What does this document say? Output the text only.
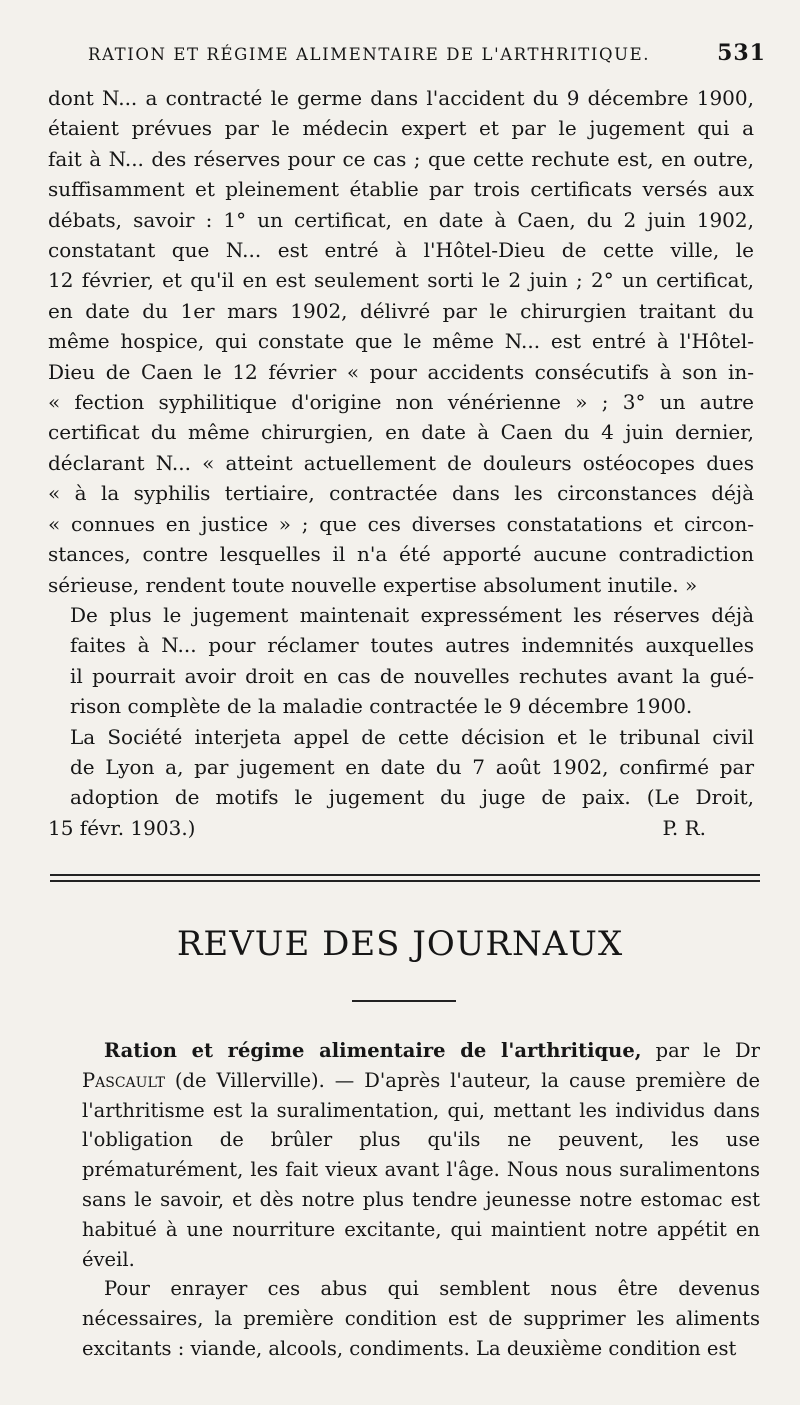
RATION ET RÉGIME ALIMENTAIRE DE L'ARTHRITIQUE.	531

dont N... a contracté le germe dans l'accident du 9 décembre 1900,
étaient prévues par le médecin expert et par le jugement qui a
fait à N... des réserves pour ce cas ; que cette rechute est, en outre,
suffisamment et pleinement établie par trois certificats versés aux
débats, savoir : 1° un certificat, en date à Caen, du 2 juin 1902,
constatant que N... est entré à l'Hôtel-Dieu de cette ville, le
12 février, et qu'il en est seulement sorti le 2 juin ; 2° un certificat,
en date du 1er mars 1902, délivré par le chirurgien traitant du
même hospice, qui constate que le même N... est entré à l'Hôtel-
Dieu de Caen le 12 février « pour accidents consécutifs à son in-
« fection syphilitique d'origine non vénérienne » ; 3° un autre
certificat du même chirurgien, en date à Caen du 4 juin dernier,
déclarant N... « atteint actuellement de douleurs ostéocopes dues
« à la syphilis tertiaire, contractée dans les circonstances déjà
« connues en justice » ; que ces diverses constatations et circon-
stances, contre lesquelles il n'a été apporté aucune contradiction
sérieuse, rendent toute nouvelle expertise absolument inutile. »

De plus le jugement maintenait expressément les réserves déjà
faites à N... pour réclamer toutes autres indemnités auxquelles
il pourrait avoir droit en cas de nouvelles rechutes avant la gué-
rison complète de la maladie contractée le 9 décembre 1900.

La Société interjeta appel de cette décision et le tribunal civil
de Lyon a, par jugement en date du 7 août 1902, confirmé par
adoption de motifs le jugement du juge de paix. (Le Droit,

15 févr. 1903.)	P. R.
REVUE DES JOURNAUX

Ration et régime alimentaire de l'arthritique, par le Dr Pascault (de Villerville). — D'après l'auteur, la cause première de l'arthritisme est la suralimentation, qui, mettant les individus dans l'obligation de brûler plus qu'ils ne peuvent, les use prématurément, les fait vieux avant l'âge. Nous nous suralimentons sans le savoir, et dès notre plus tendre jeunesse notre estomac est habitué à une nourriture excitante, qui maintient notre appétit en éveil.

Pour enrayer ces abus qui semblent nous être devenus nécessaires, la première condition est de supprimer les aliments excitants : viande, alcools, condiments. La deuxième condition est
